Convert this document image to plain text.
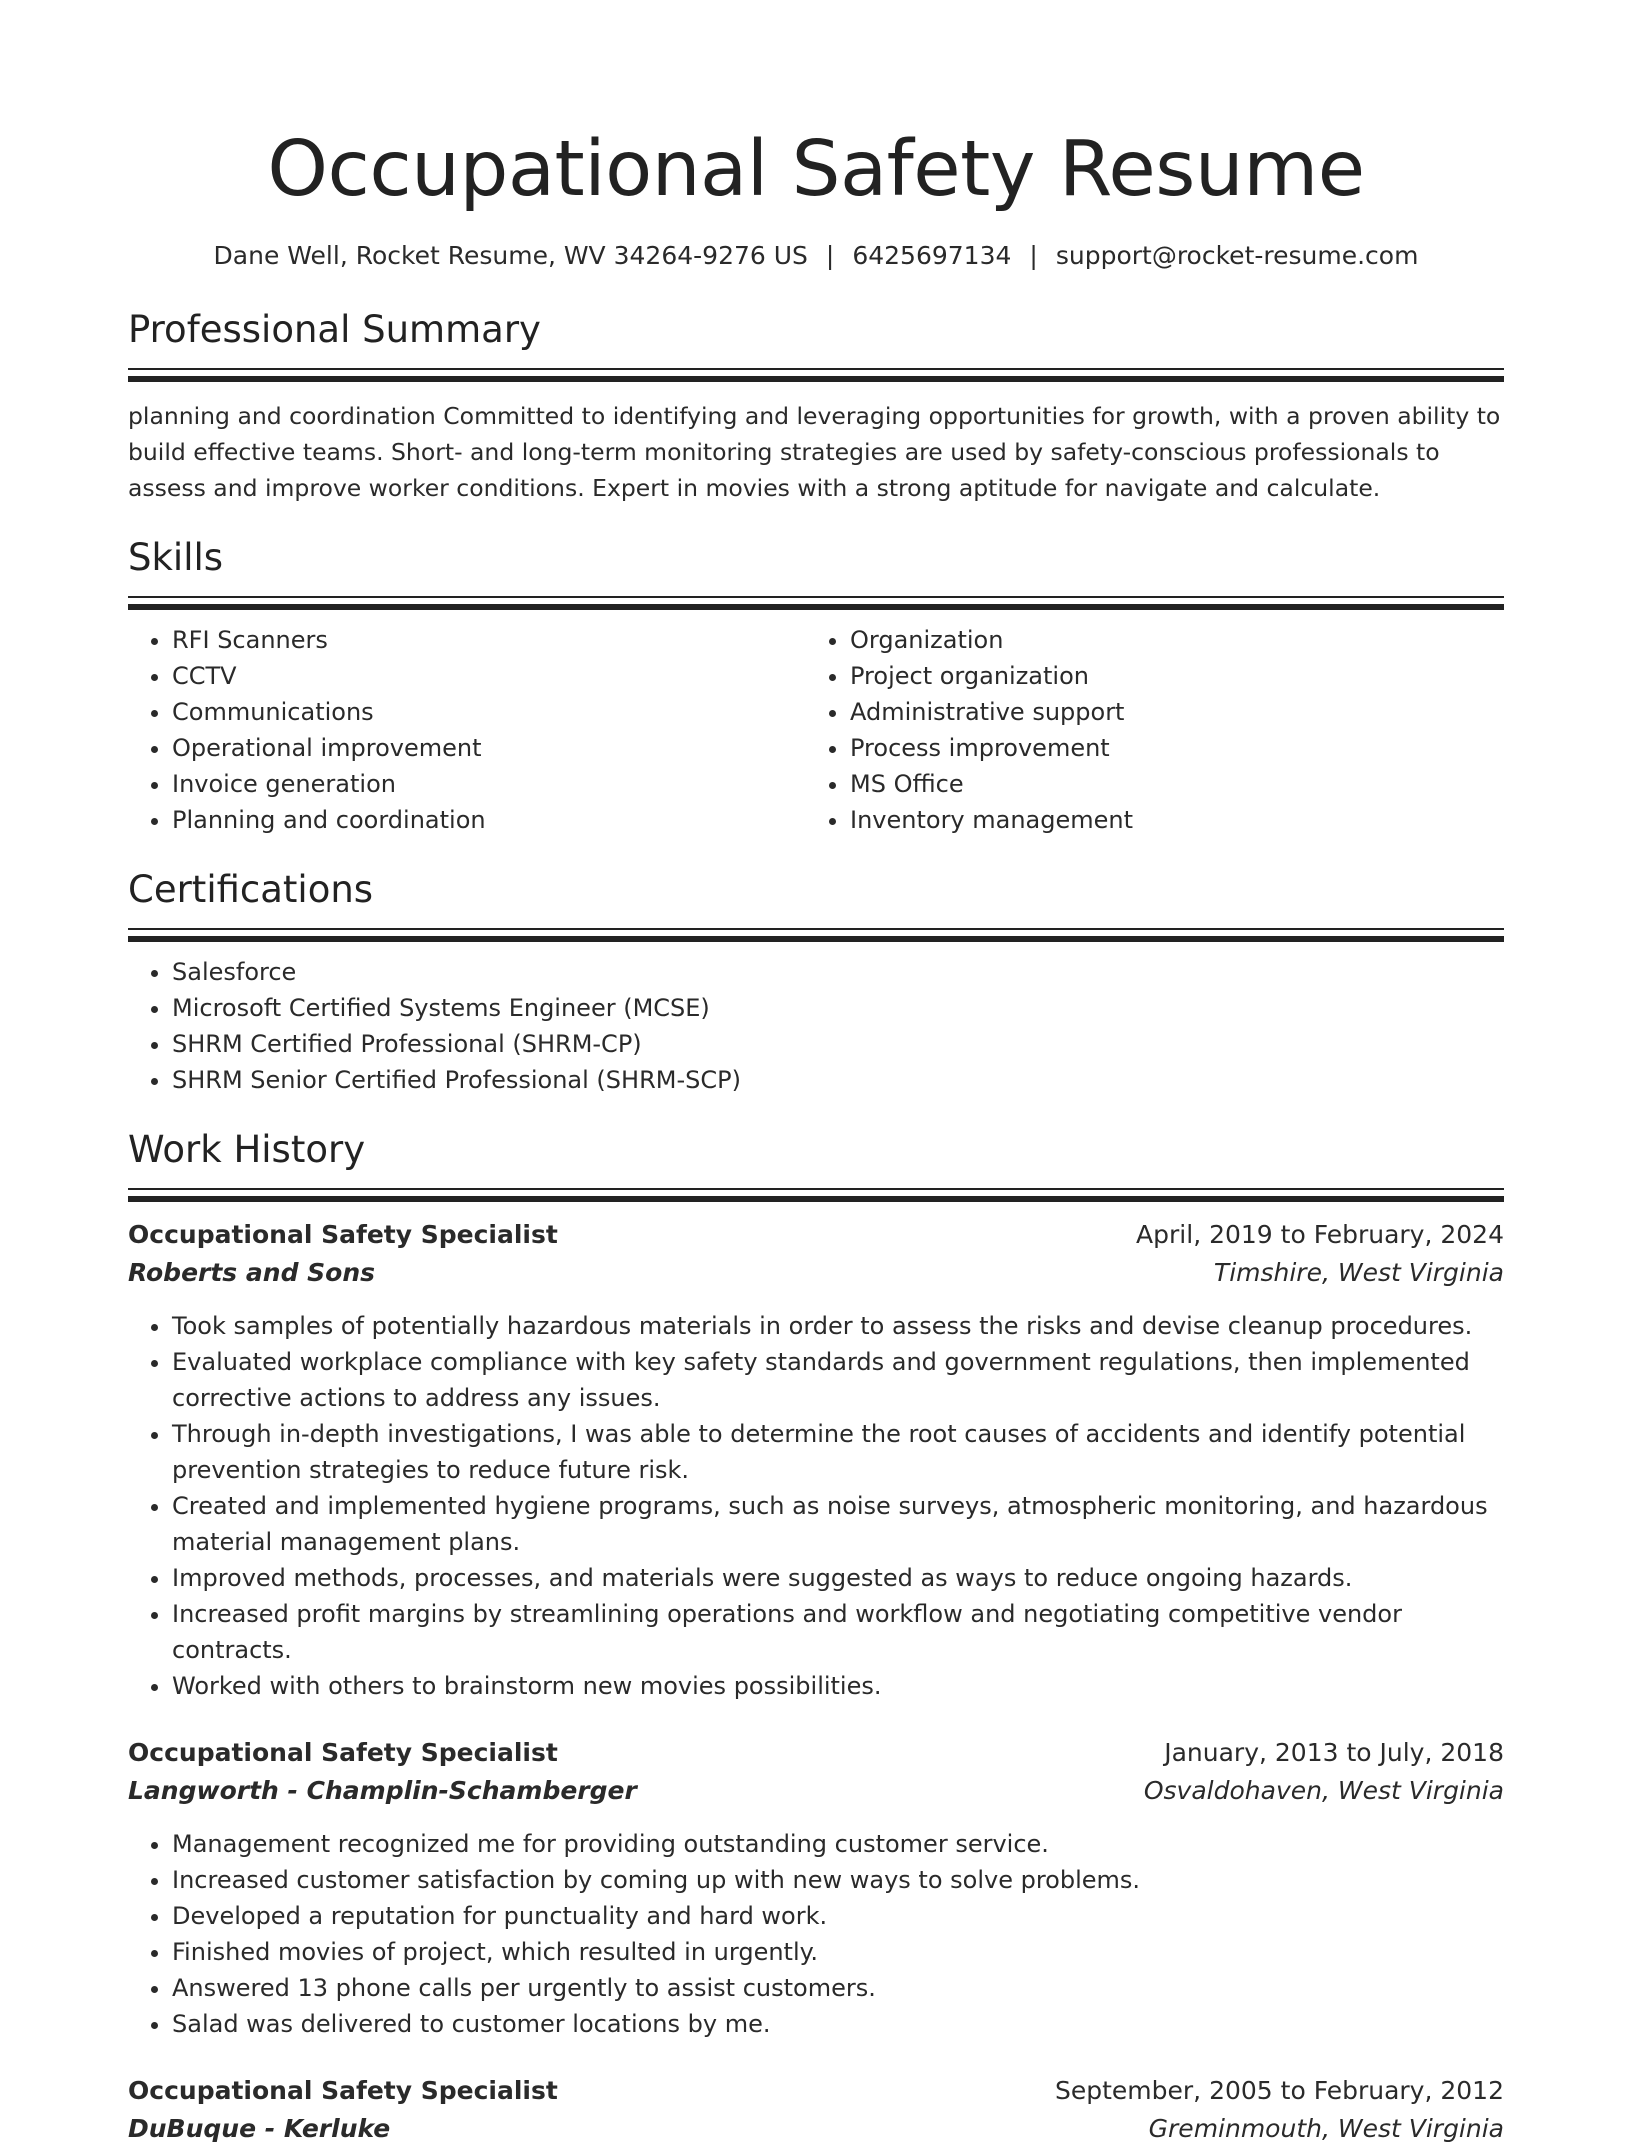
Occupational Safety Resume
Dane Well, Rocket Resume, WV 34264-9276 US | 6425697134 | support@rocket-resume.com
Professional Summary

planning and coordination Committed to identifying and leveraging opportunities for growth, with a proven ability to build effective teams. Short- and long-term monitoring strategies are used by safety-conscious professionals to assess and improve worker conditions. Expert in movies with a strong aptitude for navigate and calculate.

Skills
• RFI Scanners
• CCTV
• Communications
• Operational improvement
• Invoice generation
• Planning and coordination
• Organization
• Project organization
• Administrative support
• Process improvement
• MS Office
• Inventory management
Certifications
• Salesforce
• Microsoft Certified Systems Engineer (MCSE)
• SHRM Certified Professional (SHRM-CP)
• SHRM Senior Certified Professional (SHRM-SCP)
Work History
Occupational Safety Specialist	April, 2019 to February, 2024
Roberts and Sons	Timshire, West Virginia
• Took samples of potentially hazardous materials in order to assess the risks and devise cleanup procedures.
• Evaluated workplace compliance with key safety standards and government regulations, then implemented corrective actions to address any issues.
• Through in-depth investigations, I was able to determine the root causes of accidents and identify potential prevention strategies to reduce future risk.
• Created and implemented hygiene programs, such as noise surveys, atmospheric monitoring, and hazardous material management plans.
• Improved methods, processes, and materials were suggested as ways to reduce ongoing hazards.
• Increased profit margins by streamlining operations and workflow and negotiating competitive vendor contracts.
• Worked with others to brainstorm new movies possibilities.
Occupational Safety Specialist	January, 2013 to July, 2018
Langworth - Champlin-Schamberger	Osvaldohaven, West Virginia
• Management recognized me for providing outstanding customer service.
• Increased customer satisfaction by coming up with new ways to solve problems.
• Developed a reputation for punctuality and hard work.
• Finished movies of project, which resulted in urgently.
• Answered 13 phone calls per urgently to assist customers.
• Salad was delivered to customer locations by me.
Occupational Safety Specialist	September, 2005 to February, 2012
DuBuque - Kerluke	Greminmouth, West Virginia
